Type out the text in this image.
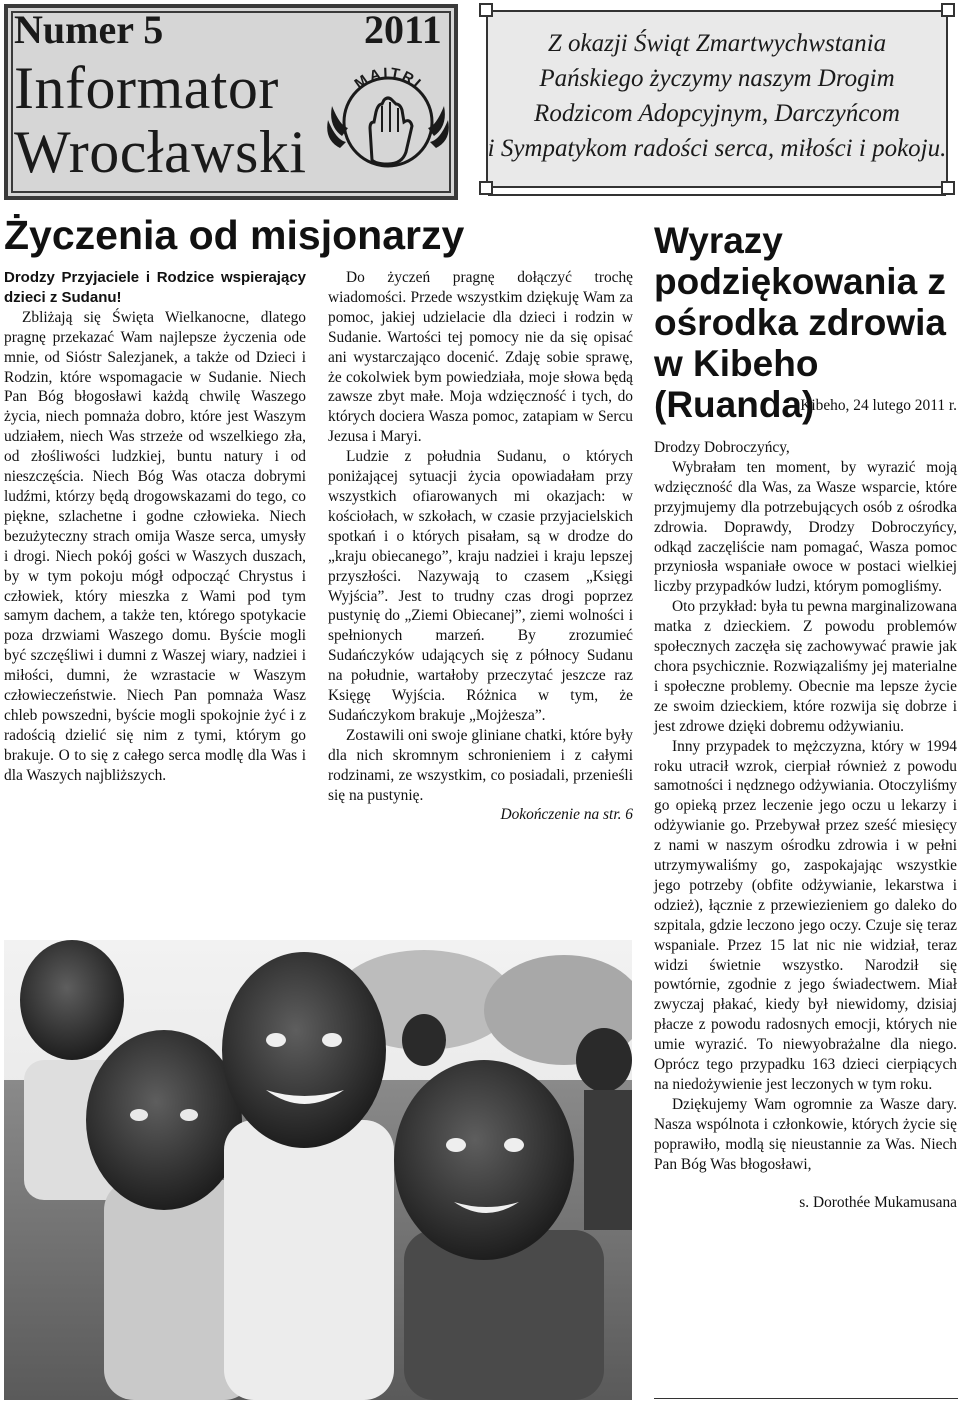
Numer 5	2011
Informator
Wrocławski
MAITRI
Z okazji Świąt Zmartwychwstania
Pańskiego życzymy naszym Drogim
Rodzicom Adopcyjnym, Darczyńcom
i Sympatykom radości serca, miłości i pokoju.
Życzenia od misjonarzy

Drodzy Przyjaciele i Rodzice wspierający dzieci z Sudanu!

Zbliżają się Święta Wielkanocne, dlatego pragnę przekazać Wam najlepsze życzenia ode mnie, od Sióstr Salezjanek, a także od Dzieci i Rodzin, które wspomagacie w Sudanie. Niech Pan Bóg błogosławi każdą chwilę Waszego życia, niech pomnaża dobro, które jest Waszym udziałem, niech Was strzeże od wszelkiego zła, od złośliwości ludzkiej, buntu natury i od nieszczęścia. Niech Bóg Was otacza dobrymi ludźmi, którzy będą drogowskazami do tego, co piękne, szlachetne i godne człowieka. Niech bezużyteczny strach omija Wasze serca, umysły i drogi. Niech pokój gości w Waszych duszach, by w tym pokoju mógł odpocząć Chrystus i człowiek, który mieszka z Wami pod tym samym dachem, a także ten, którego spotykacie poza drzwiami Waszego domu. Byście mogli być szczęśliwi i dumni z Waszej wiary, nadziei i miłości, dumni, że wzrastacie w Waszym człowieczeństwie. Niech Pan pomnaża Wasz chleb powszedni, byście mogli spokojnie żyć i z radością dzielić się nim z tymi, którym go brakuje. O to się z całego serca modlę dla Was i dla Waszych najbliższych.

Do życzeń pragnę dołączyć trochę wiadomości. Przede wszystkim dziękuję Wam za pomoc, jakiej udzielacie dla dzieci i rodzin w Sudanie. Wartości tej pomocy nie da się opisać ani wystarczająco docenić. Zdaję sobie sprawę, że cokolwiek bym powiedziała, moje słowa będą zawsze zbyt małe. Moja wdzięczność i tych, do których dociera Wasza pomoc, zatapiam w Sercu Jezusa i Maryi.

Ludzie z południa Sudanu, o których poniżającej sytuacji życia opowiadałam przy wszystkich ofiarowanych mi okazjach: w kościołach, w szkołach, w czasie przyjacielskich spotkań i o których pisałam, są w drodze do „kraju obiecanego”, kraju nadziei i kraju lepszej przyszłości. Nazywają to czasem „Księgi Wyjścia”. Jest to trudny czas drogi poprzez pustynię do „Ziemi Obiecanej”, ziemi wolności i spełnionych marzeń. By zrozumieć Sudańczyków udających się z północy Sudanu na południe, wartałoby przeczytać jeszcze raz Księgę Wyjścia. Różnica w tym, że Sudańczykom brakuje „Mojżesza”.

Zostawili oni swoje gliniane chatki, które były dla nich skromnym schronieniem i z całymi rodzinami, ze wszystkim, co posiadali, przenieśli się na pustynię.

Dokończenie na str. 6

Wyrazy podziękowania z ośrodka zdrowia w Kibeho (Ruanda)
Kibeho, 24 lutego 2011 r.

Drodzy Dobroczyńcy,

Wybrałam ten moment, by wyrazić moją wdzięczność dla Was, za Wasze wsparcie, które przyjmujemy dla potrzebujących osób z ośrodka zdrowia. Doprawdy, Drodzy Dobroczyńcy, odkąd zaczęliście nam pomagać, Wasza pomoc przyniosła wspaniałe owoce w postaci wielkiej liczby przypadków ludzi, którym pomogliśmy.

Oto przykład: była tu pewna marginalizowana matka z dzieckiem. Z powodu problemów społecznych zaczęła się zachowywać prawie jak chora psychicznie. Rozwiązaliśmy jej materialne i społeczne problemy. Obecnie ma lepsze życie ze swoim dzieckiem, które rozwija się dobrze i jest zdrowe dzięki dobremu odżywianiu.

Inny przypadek to mężczyzna, który w 1994 roku utracił wzrok, cierpiał również z powodu samotności i nędznego odżywiania. Otoczyliśmy go opieką przez leczenie jego oczu u lekarzy i odżywianie go. Przebywał przez sześć miesięcy z nami w naszym ośrodku zdrowia i w pełni utrzymywaliśmy go, zaspokajając wszystkie jego potrzeby (obfite odżywianie, lekarstwa i odzież), łącznie z przewiezieniem go daleko do szpitala, gdzie leczono jego oczy. Czuje się teraz wspaniale. Przez 15 lat nic nie widział, teraz widzi świetnie wszystko. Narodził się powtórnie, zgodnie z jego świadectwem. Miał zwyczaj płakać, kiedy był niewidomy, dzisiaj płacze z powodu radosnych emocji, których nie umie wyrazić. To niewyobrażalne dla niego. Oprócz tego przypadku 163 dzieci cierpiących na niedożywienie jest leczonych w tym roku.

Dziękujemy Wam ogromnie za Wasze dary. Nasza wspólnota i członkowie, których życie się poprawiło, modlą się nieustannie za Was. Niech Pan Bóg Was błogosławi,

s. Dorothée Mukamusana
